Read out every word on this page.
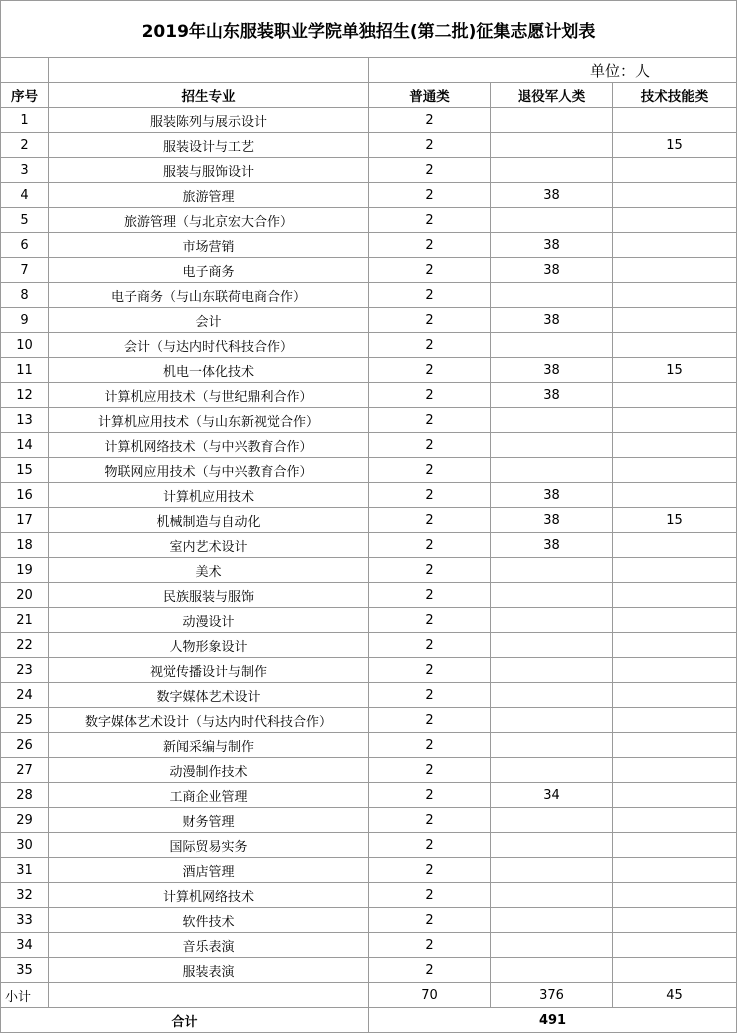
2019年山东服装职业学院单独招生(第二批)征集志愿计划表				
		单位：人		
序号	招生专业	普通类	退役军人类	技术技能类
1	服装陈列与展示设计	2		
2	服装设计与工艺	2		15
3	服装与服饰设计	2		
4	旅游管理	2	38	
5	旅游管理（与北京宏大合作）	2		
6	市场营销	2	38	
7	电子商务	2	38	
8	电子商务（与山东联荷电商合作）	2		
9	会计	2	38	
10	会计（与达内时代科技合作）	2		
11	机电一体化技术	2	38	15
12	计算机应用技术（与世纪鼎利合作）	2	38	
13	计算机应用技术（与山东新视觉合作）	2		
14	计算机网络技术（与中兴教育合作）	2		
15	物联网应用技术（与中兴教育合作）	2		
16	计算机应用技术	2	38	
17	机械制造与自动化	2	38	15
18	室内艺术设计	2	38	
19	美术	2		
20	民族服装与服饰	2		
21	动漫设计	2		
22	人物形象设计	2		
23	视觉传播设计与制作	2		
24	数字媒体艺术设计	2		
25	数字媒体艺术设计（与达内时代科技合作）	2		
26	新闻采编与制作	2		
27	动漫制作技术	2		
28	工商企业管理	2	34	
29	财务管理	2		
30	国际贸易实务	2		
31	酒店管理	2		
32	计算机网络技术	2		
33	软件技术	2		
34	音乐表演	2		
35	服装表演	2		
小计		70	376	45
合计		491		
